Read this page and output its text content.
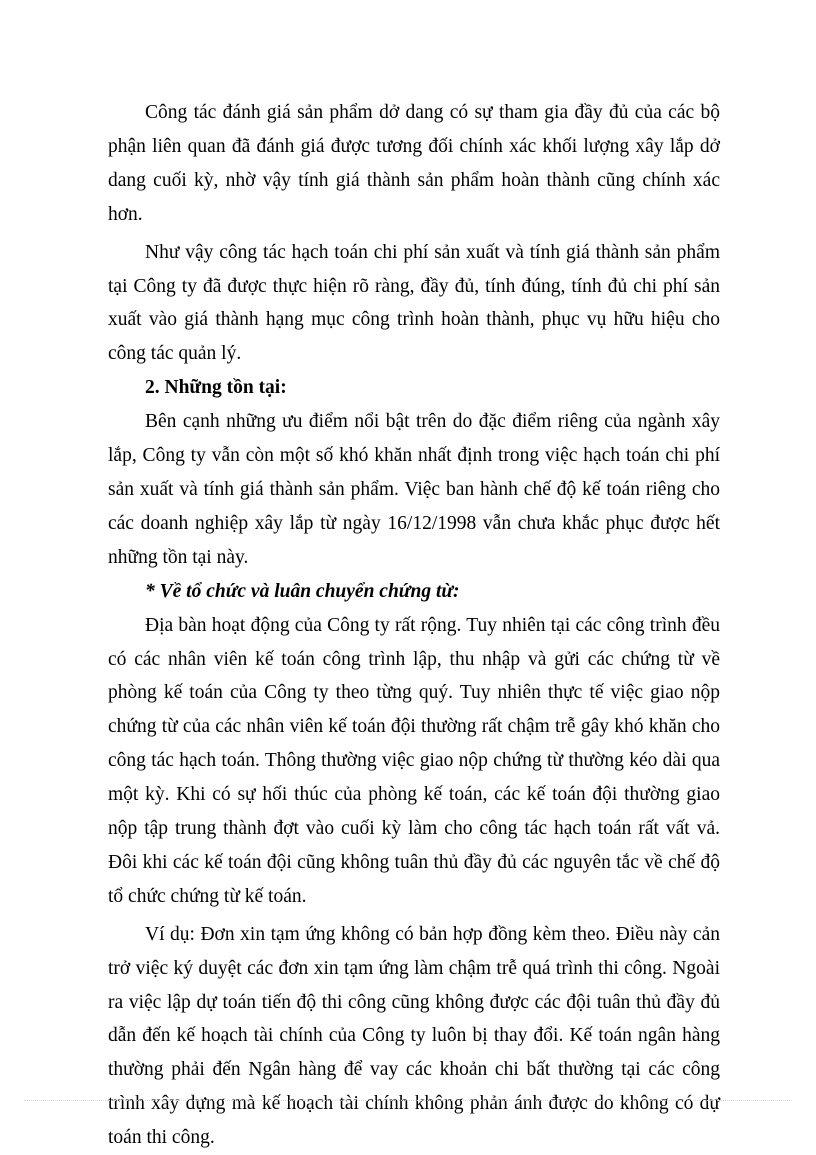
Công tác đánh giá sản phẩm dở dang có sự tham gia đầy đủ của các bộ phận liên quan đã đánh giá được tương đối chính xác khối lượng xây lắp dở dang cuối kỳ, nhờ vậy tính giá thành sản phẩm hoàn thành cũng chính xác hơn.

Như vậy công tác hạch toán chi phí sản xuất và tính giá thành sản phẩm tại Công ty đã được thực hiện rõ ràng, đầy đủ, tính đúng, tính đủ chi phí sản xuất vào giá thành hạng mục công trình hoàn thành, phục vụ hữu hiệu cho công tác quản lý.

2. Những tồn tại:

Bên cạnh những ưu điểm nổi bật trên do đặc điểm riêng của ngành xây lắp, Công ty vẫn còn một số khó khăn nhất định trong việc hạch toán chi phí sản xuất và tính giá thành sản phẩm. Việc ban hành chế độ kế toán riêng cho các doanh nghiệp xây lắp từ ngày 16/12/1998 vẫn chưa khắc phục được hết những tồn tại này.

* Về tổ chức và luân chuyển chứng từ:

Địa bàn hoạt động của Công ty rất rộng. Tuy nhiên tại các công trình đều có các nhân viên kế toán công trình lập, thu nhập và gửi các chứng từ về phòng kế toán của Công ty theo từng quý. Tuy nhiên thực tế việc giao nộp chứng từ của các nhân viên kế toán đội thường rất chậm trễ gây khó khăn cho công tác hạch toán. Thông thường việc giao nộp chứng từ thường kéo dài qua một kỳ. Khi có sự hối thúc của phòng kế toán, các kế toán đội thường giao nộp tập trung thành đợt vào cuối kỳ làm cho công tác hạch toán rất vất vả. Đôi khi các kế toán đội cũng không tuân thủ đầy đủ các nguyên tắc về chế độ tổ chức chứng từ kế toán.

Ví dụ: Đơn xin tạm ứng không có bản hợp đồng kèm theo. Điều này cản trở việc ký duyệt các đơn xin tạm ứng làm chậm trễ quá trình thi công. Ngoài ra việc lập dự toán tiến độ thi công cũng không được các đội tuân thủ đầy đủ dẫn đến kế hoạch tài chính của Công ty luôn bị thay đổi. Kế toán ngân hàng thường phải đến Ngân hàng để vay các khoản chi bất thường tại các công trình xây dựng mà kế hoạch tài chính không phản ánh được do không có dự toán thi công.
